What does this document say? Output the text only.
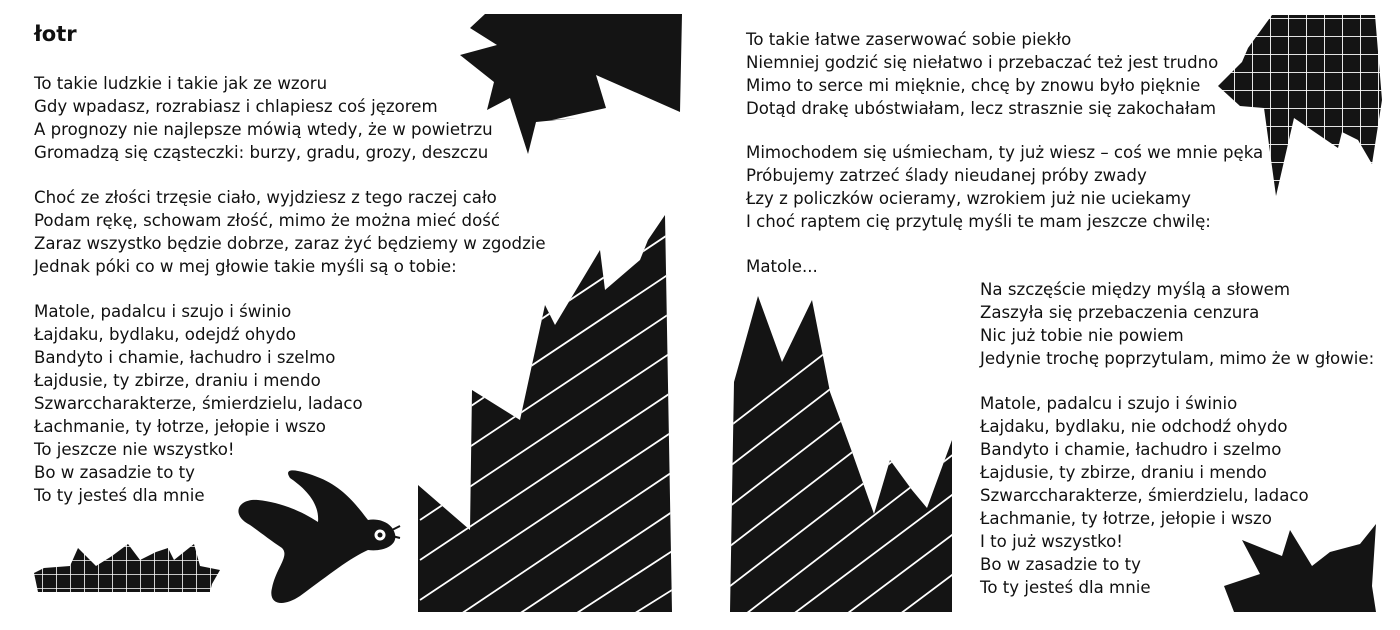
łotr
To takie ludzkie i takie jak ze wzoru
Gdy wpadasz, rozrabiasz i chlapiesz coś jęzorem
A prognozy nie najlepsze mówią wtedy, że w powietrzu
Gromadzą się cząsteczki: burzy, gradu, grozy, deszczu
Choć ze złości trzęsie ciało, wyjdziesz z tego raczej cało
Podam rękę, schowam złość, mimo że można mieć dość
Zaraz wszystko będzie dobrze, zaraz żyć będziemy w zgodzie
Jednak póki co w mej głowie takie myśli są o tobie:
Matole, padalcu i szujo i świnio
Łajdaku, bydlaku, odejdź ohydo
Bandyto i chamie, łachudro i szelmo
Łajdusie, ty zbirze, draniu i mendo
Szwarccharakterze, śmierdzielu, ladaco
Łachmanie, ty łotrze, jełopie i wszo
To jeszcze nie wszystko!
Bo w zasadzie to ty
To ty jesteś dla mnie
To takie łatwe zaserwować sobie piekło
Niemniej godzić się niełatwo i przebaczać też jest trudno
Mimo to serce mi mięknie, chcę by znowu było pięknie
Dotąd drakę ubóstwiałam, lecz strasznie się zakochałam
Mimochodem się uśmiecham, ty już wiesz – coś we mnie pęka
Próbujemy zatrzeć ślady nieudanej próby zwady
Łzy z policzków ocieramy, wzrokiem już nie uciekamy
I choć raptem cię przytulę myśli te mam jeszcze chwilę:
Matole...
Na szczęście między myślą a słowem
Zaszyła się przebaczenia cenzura
Nic już tobie nie powiem
Jedynie trochę poprzytulam, mimo że w głowie:
Matole, padalcu i szujo i świnio
Łajdaku, bydlaku, nie odchodź ohydo
Bandyto i chamie, łachudro i szelmo
Łajdusie, ty zbirze, draniu i mendo
Szwarccharakterze, śmierdzielu, ladaco
Łachmanie, ty łotrze, jełopie i wszo
I to już wszystko!
Bo w zasadzie to ty
To ty jesteś dla mnie
